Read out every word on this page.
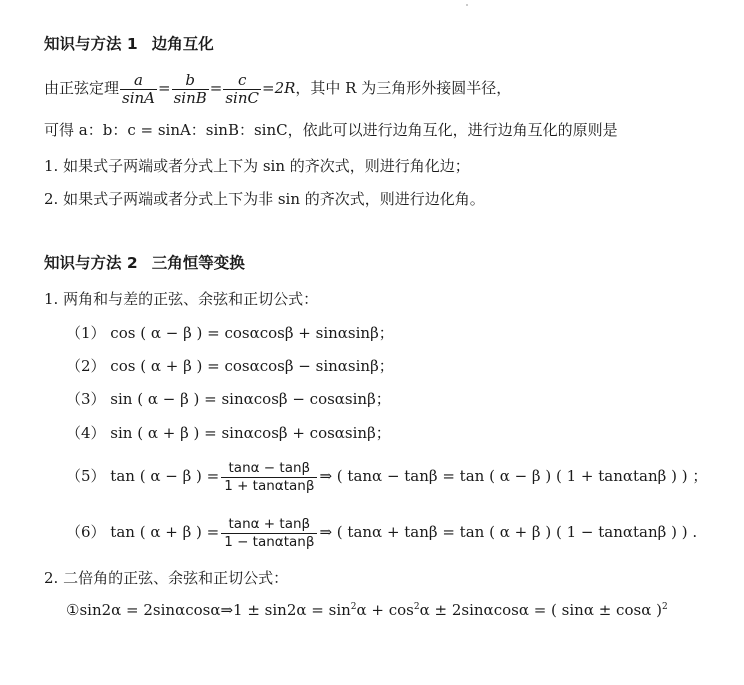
知识与方法 1 边角互化
由正弦定理 $\frac{a}{\sin A} = \frac{b}{\sin B} = \frac{c}{\sin C} =2R$，其中 R 为三角形外接圆半径，
可得 a：b：c = sinA：sinB：sinC，依此可以进行边角互化，进行边角互化的原则是
1. 如果式子两端或者分式上下为 sin 的齐次式，则进行角化边；
2. 如果式子两端或者分式上下为非 sin 的齐次式，则进行边化角。
知识与方法 2 三角恒等变换
1. 两角和与差的正弦、余弦和正切公式：
（1） cos ( α − β ) = cosαcosβ + sinαsinβ；
（2） cos ( α + β ) = cosαcosβ − sinαsinβ；
（3） sin ( α − β ) = sinαcosβ − cosαsinβ；
（4） sin ( α + β ) = sinαcosβ + cosαsinβ；
（5） tan ( α − β ) = $\frac{\tan\alpha - \tan\beta}{1 + \tan\alpha\tan\beta}$ ⇒ ( tanα − tanβ = tan ( α − β ) ( 1 + tanαtanβ ) ) ；
（6） tan ( α + β ) = $\frac{\tan\alpha + \tan\beta}{1 - \tan\alpha\tan\beta}$ ⇒ ( tanα + tanβ = tan ( α + β ) ( 1 − tanαtanβ ) ) .
2. 二倍角的正弦、余弦和正切公式：
①sin2α = 2sinαcosα⇒1 ± $\sin 2\alpha = \sin^2\alpha + \cos^2\alpha \pm 2\sin\alpha\cos\alpha$ = ( sinα ± cosα )$^2$
